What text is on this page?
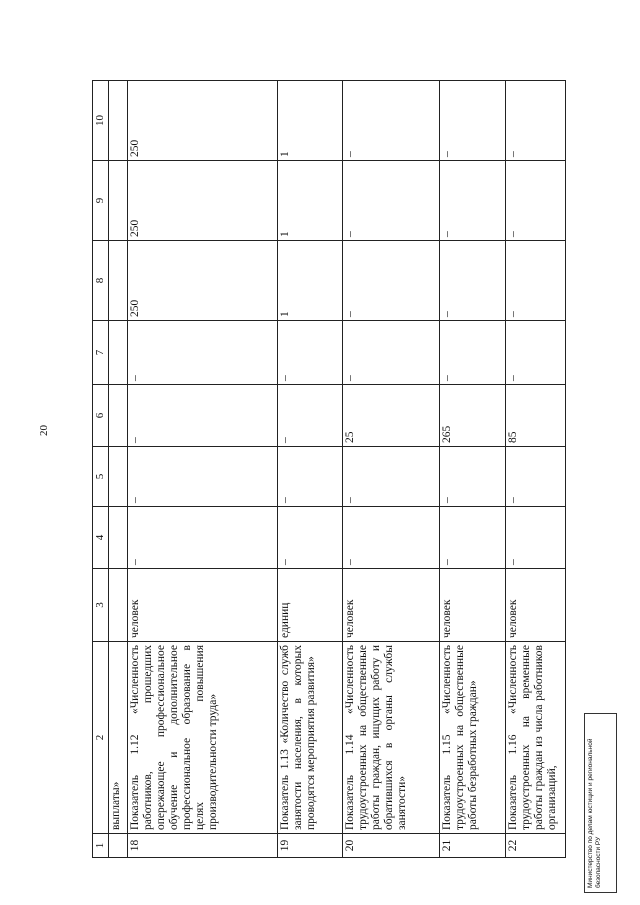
20
1	2	3	4	5	6	7	8	9	10
	выплаты»								
18	Показатель 1.12 «Численность работников, прошедших опережающее профессиональное обучение и дополнительное профессиональное образование в целях повышения производительности труда»	человек	–	–	–	–	250	250	250
19	Показатель 1.13 «Количество служб занятости населения, в которых проводятся мероприятия развития»	единиц	–	–	–	–	1	1	1
20	Показатель 1.14 «Численность трудоустроенных на общественные работы граждан, ищущих работу и обратившихся в органы службы занятости»	человек	–	–	25	–	–	–	–
21	Показатель 1.15 «Численность трудоустроенных на общественные работы безработных граждан»	человек	–	–	265	–	–	–	–
22	Показатель 1.16 «Численность трудоустроенных на временные работы граждан из числа работников организаций,	человек	–	–	85	–	–	–	–
Министерство по делам юстиции и региональной безопасности РУ
